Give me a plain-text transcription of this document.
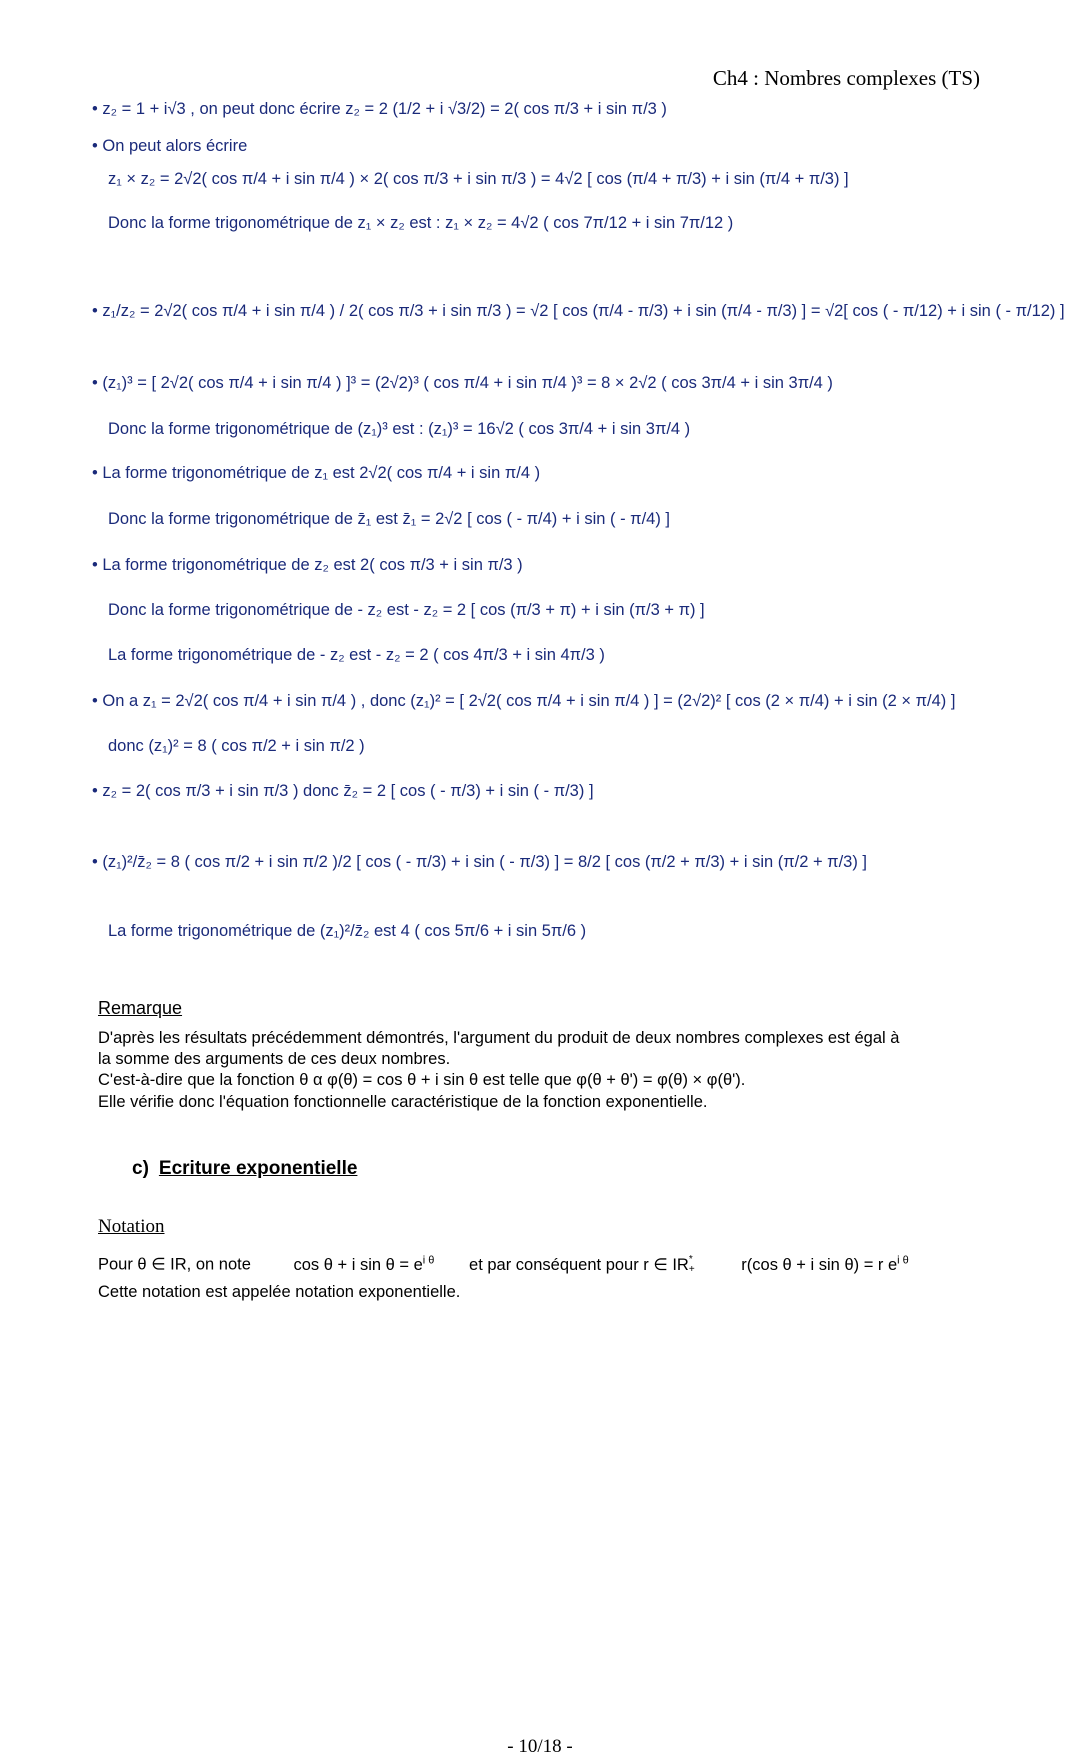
Ch4 : Nombres complexes (TS)
• z₂ = 1 + i√3 , on peut donc écrire z₂ = 2 (1/2 + i √3/2) = 2( cos π/3 + i sin π/3 )
• On peut alors écrire
z₁ × z₂ = 2√2( cos π/4 + i sin π/4 ) × 2( cos π/3 + i sin π/3 ) = 4√2 [ cos (π/4 + π/3) + i sin (π/4 + π/3) ]
Donc la forme trigonométrique de z₁ × z₂ est : z₁ × z₂ = 4√2 ( cos 7π/12 + i sin 7π/12 )
• z₁/z₂ = 2√2( cos π/4 + i sin π/4 ) / 2( cos π/3 + i sin π/3 ) = √2 [ cos (π/4 - π/3) + i sin (π/4 - π/3) ] = √2[ cos ( - π/12) + i sin ( - π/12) ]
• (z₁)³ = [ 2√2( cos π/4 + i sin π/4 ) ]³ = (2√2)³ ( cos π/4 + i sin π/4 )³ = 8 × 2√2 ( cos 3π/4 + i sin 3π/4 )
Donc la forme trigonométrique de (z₁)³ est : (z₁)³ = 16√2 ( cos 3π/4 + i sin 3π/4 )
• La forme trigonométrique de z₁ est 2√2( cos π/4 + i sin π/4 )
Donc la forme trigonométrique de z̄₁ est z̄₁ = 2√2 [ cos ( - π/4) + i sin ( - π/4) ]
• La forme trigonométrique de z₂ est 2( cos π/3 + i sin π/3 )
Donc la forme trigonométrique de - z₂ est - z₂ = 2 [ cos (π/3 + π) + i sin (π/3 + π) ]
La forme trigonométrique de - z₂ est - z₂ = 2 ( cos 4π/3 + i sin 4π/3 )
• On a z₁ = 2√2( cos π/4 + i sin π/4 ) , donc (z₁)² = [ 2√2( cos π/4 + i sin π/4 ) ] = (2√2)² [ cos (2 × π/4) + i sin (2 × π/4) ]
donc (z₁)² = 8 ( cos π/2 + i sin π/2 )
• z₂ = 2( cos π/3 + i sin π/3 ) donc z̄₂ = 2 [ cos ( - π/3) + i sin ( - π/3) ]
• (z₁)²/z̄₂ = 8 ( cos π/2 + i sin π/2 )/2 [ cos ( - π/3) + i sin ( - π/3) ] = 8/2 [ cos (π/2 + π/3) + i sin (π/2 + π/3) ]
La forme trigonométrique de (z₁)²/z̄₂ est 4 ( cos 5π/6 + i sin 5π/6 )
Remarque
D'après les résultats précédemment démontrés, l'argument du produit de deux nombres complexes est égal à
la somme des arguments de ces deux nombres.
C'est-à-dire que la fonction θ α φ(θ) = cos θ + i sin θ est telle que φ(θ + θ') = φ(θ) × φ(θ').
Elle vérifie donc l'équation fonctionnelle caractéristique de la fonction exponentielle.
c) Ecriture exponentielle
Notation
Pour θ ∈ IR, on note	cos θ + i $\sin \theta = e^{i \theta}$ et par conséquent pour r ∈ IR *
+	r(cos θ + i sin θ) = r $e^{i \theta}$
Cette notation est appelée notation exponentielle.
- 10/18 -
